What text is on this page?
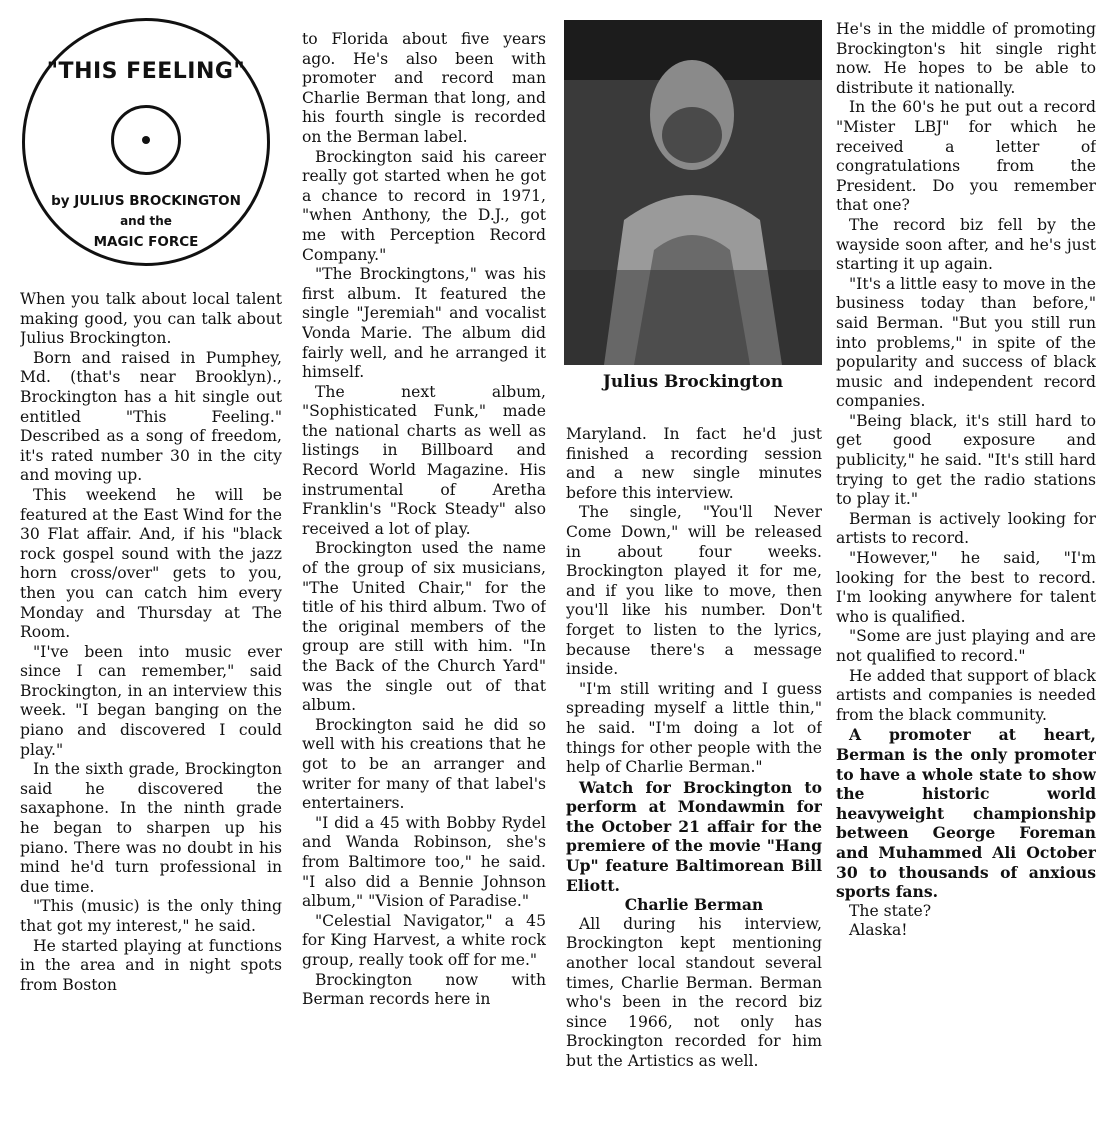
"THIS FEELING"
by JULIUS BROCKINGTON
and the
MAGIC FORCE
Julius Brockington

When you talk about local talent making good, you can talk about Julius Brockington.

Born and raised in Pumphey, Md. (that's near Brooklyn)., Brockington has a hit single out entitled "This Feeling." Described as a song of freedom, it's rated number 30 in the city and moving up.

This weekend he will be featured at the East Wind for the 30 Flat affair. And, if his "black rock gospel sound with the jazz horn cross/over" gets to you, then you can catch him every Monday and Thursday at The Room.

"I've been into music ever since I can remember," said Brockington, in an interview this week. "I began banging on the piano and discovered I could play."

In the sixth grade, Brockington said he discovered the saxaphone. In the ninth grade he began to sharpen up his piano. There was no doubt in his mind he'd turn professional in due time.

"This (music) is the only thing that got my interest," he said.

He started playing at functions in the area and in night spots from Boston

to Florida about five years ago. He's also been with promoter and record man Charlie Berman that long, and his fourth single is recorded on the Berman label.

Brockington said his career really got started when he got a chance to record in 1971, "when Anthony, the D.J., got me with Perception Record Company."

"The Brockingtons," was his first album. It featured the single "Jeremiah" and vocalist Vonda Marie. The album did fairly well, and he arranged it himself.

The next album, "Sophisticated Funk," made the national charts as well as listings in Billboard and Record World Magazine. His instrumental of Aretha Franklin's "Rock Steady" also received a lot of play.

Brockington used the name of the group of six musicians, "The United Chair," for the title of his third album. Two of the original members of the group are still with him. "In the Back of the Church Yard" was the single out of that album.

Brockington said he did so well with his creations that he got to be an arranger and writer for many of that label's entertainers.

"I did a 45 with Bobby Rydel and Wanda Robinson, she's from Baltimore too," he said. "I also did a Bennie Johnson album," "Vision of Paradise."

"Celestial Navigator," a 45 for King Harvest, a white rock group, really took off for me."

Brockington now with Berman records here in

Maryland. In fact he'd just finished a recording session and a new single minutes before this interview.

The single, "You'll Never Come Down," will be released in about four weeks. Brockington played it for me, and if you like to move, then you'll like his number. Don't forget to listen to the lyrics, because there's a message inside.

"I'm still writing and I guess spreading myself a little thin," he said. "I'm doing a lot of things for other people with the help of Charlie Berman."

Watch for Brockington to perform at Mondawmin for the October 21 affair for the premiere of the movie "Hang Up" feature Baltimorean Bill Eliott.

Charlie Berman

All during his interview, Brockington kept mentioning another local standout several times, Charlie Berman. Berman who's been in the record biz since 1966, not only has Brockington recorded for him but the Artistics as well.

He's in the middle of promoting Brockington's hit single right now. He hopes to be able to distribute it nationally.

In the 60's he put out a record "Mister LBJ" for which he received a letter of congratulations from the President. Do you remember that one?

The record biz fell by the wayside soon after, and he's just starting it up again.

"It's a little easy to move in the business today than before," said Berman. "But you still run into problems," in spite of the popularity and success of black music and independent record companies.

"Being black, it's still hard to get good exposure and publicity," he said. "It's still hard trying to get the radio stations to play it."

Berman is actively looking for artists to record.

"However," he said, "I'm looking for the best to record. I'm looking anywhere for talent who is qualified.

"Some are just playing and are not qualified to record."

He added that support of black artists and companies is needed from the black community.

A promoter at heart, Berman is the only promoter to have a whole state to show the historic world heavyweight championship between George Foreman and Muhammed Ali October 30 to thousands of anxious sports fans.

The state?

Alaska!
